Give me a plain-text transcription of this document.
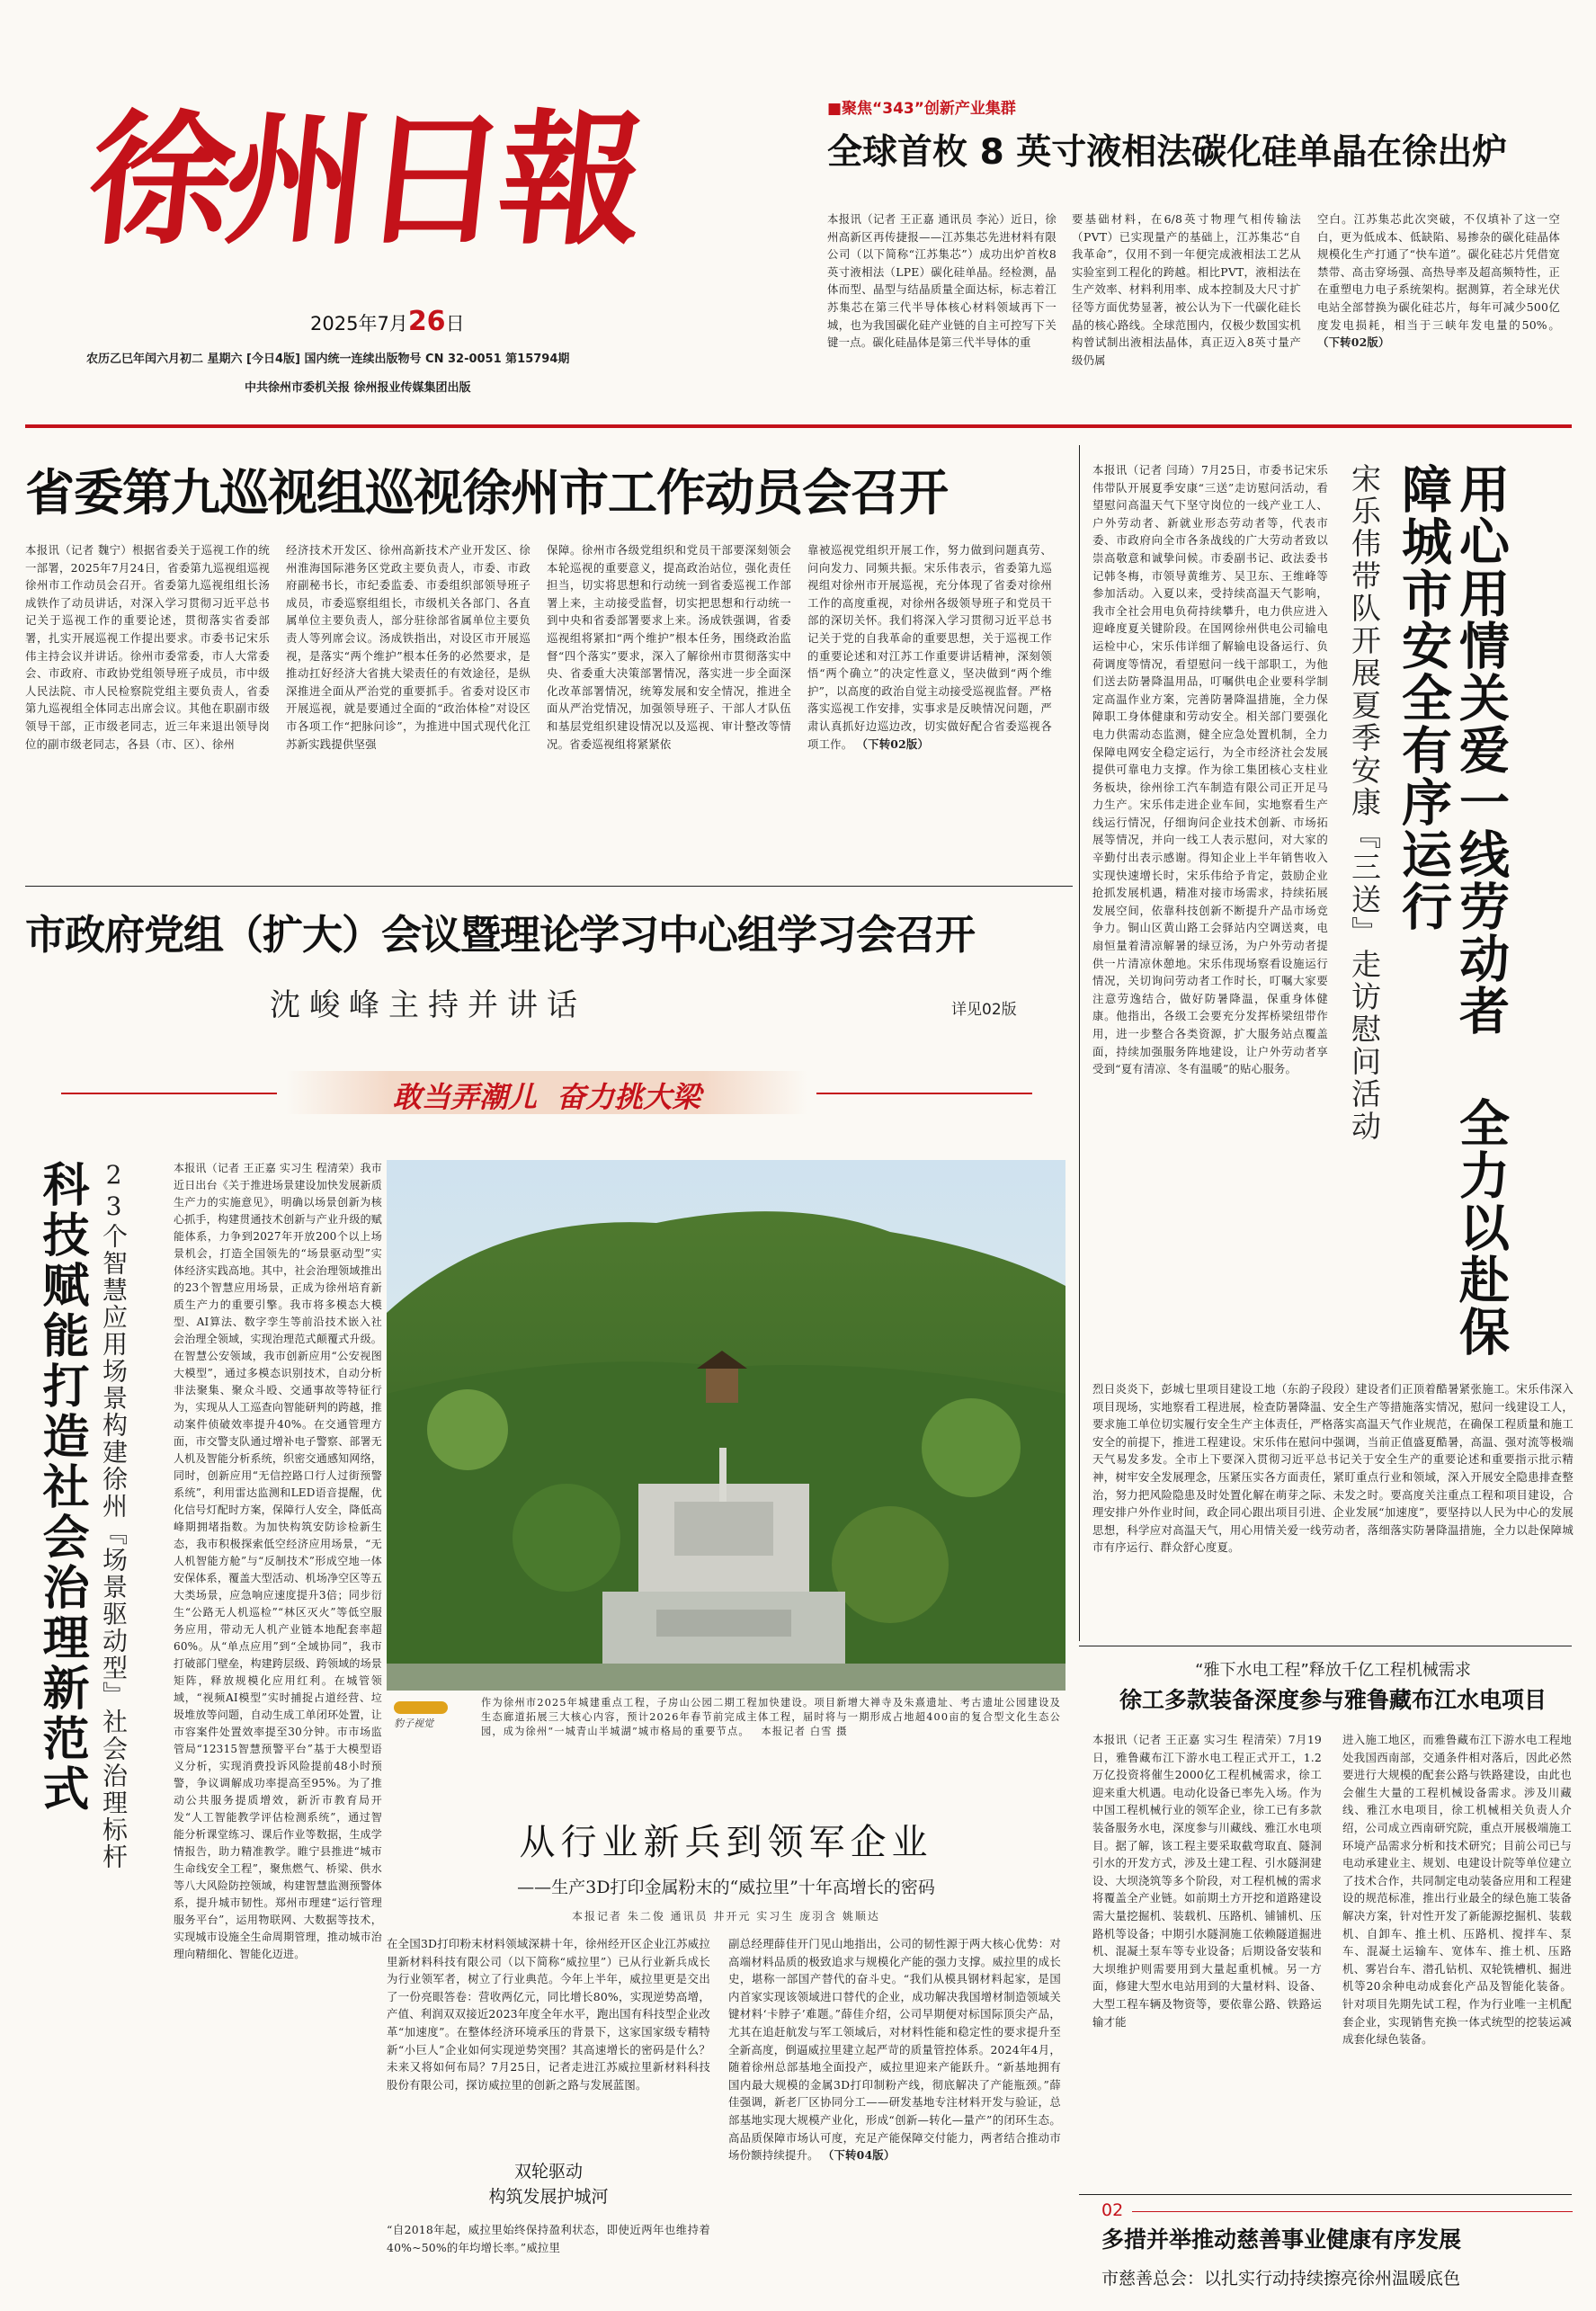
徐州日報
2025年7月26日
农历乙巳年闰六月初二 星期六 [今日4版] 国内统一连续出版物号 CN 32-0051 第15794期
中共徐州市委机关报 徐州报业传媒集团出版
■聚焦“343”创新产业集群
全球首枚 8 英寸液相法碳化硅单晶在徐出炉
本报讯（记者 王正嘉 通讯员 李沁）近日，徐州高新区再传捷报——江苏集芯先进材料有限公司（以下简称“江苏集芯”）成功出炉首枚8英寸液相法（LPE）碳化硅单晶。经检测，晶体而型、晶型与结晶质量全面达标，标志着江苏集芯在第三代半导体核心材料领域再下一城，也为我国碳化硅产业链的自主可控写下关键一点。碳化硅晶体是第三代半导体的重
要基础材料，在6/8英寸物理气相传输法（PVT）已实现量产的基础上，江苏集芯“自我革命”，仅用不到一年便完成液相法工艺从实验室到工程化的跨越。相比PVT，液相法在生产效率、材料利用率、成本控制及大尺寸扩径等方面优势显著，被公认为下一代碳化硅长晶的核心路线。全球范围内，仅极少数国实机构曾试制出液相法晶体，真正迈入8英寸量产级仍属
空白。江苏集芯此次突破，不仅填补了这一空白，更为低成本、低缺陷、易掺杂的碳化硅晶体规模化生产打通了“快车道”。碳化硅芯片凭借宽禁带、高击穿场强、高热导率及超高频特性，正在重塑电力电子系统架构。据测算，若全球光伏电站全部替换为碳化硅芯片，每年可减少500亿度发电损耗，相当于三峡年发电量的50%。 （下转02版）
省委第九巡视组巡视徐州市工作动员会召开
本报讯（记者 魏宁）根据省委关于巡视工作的统一部署，2025年7月24日，省委第九巡视组巡视徐州市工作动员会召开。省委第九巡视组组长汤成铁作了动员讲话，对深入学习贯彻习近平总书记关于巡视工作的重要论述，贯彻落实省委部署，扎实开展巡视工作提出要求。市委书记宋乐伟主持会议并讲话。徐州市委常委，市人大常委会、市政府、市政协党组领导班子成员，市中级人民法院、市人民检察院党组主要负责人，省委第九巡视组全体同志出席会议。其他在职副市级领导干部，正市级老同志，近三年来退出领导岗位的副市级老同志，各县（市、区）、徐州
经济技术开发区、徐州高新技术产业开发区、徐州淮海国际港务区党政主要负责人，市委、市政府副秘书长，市纪委监委、市委组织部领导班子成员，市委巡察组组长，市级机关各部门、各直属单位主要负责人，部分驻徐部省属单位主要负责人等列席会议。汤成铁指出，对设区市开展巡视，是落实“两个维护”根本任务的必然要求，是推动扛好经济大省挑大梁责任的有效途径，是纵深推进全面从严治党的重要抓手。省委对设区市开展巡视，就是要通过全面的“政治体检”对设区市各项工作“把脉问诊”，为推进中国式现代化江苏新实践提供坚强
保障。徐州市各级党组织和党员干部要深刻领会本轮巡视的重要意义，提高政治站位，强化责任担当，切实将思想和行动统一到省委巡视工作部署上来，主动接受监督，切实把思想和行动统一到中央和省委部署要求上来。汤成铁强调，省委巡视组将紧扣“两个维护”根本任务，围绕政治监督“四个落实”要求，深入了解徐州市贯彻落实中央、省委重大决策部署情况，落实进一步全面深化改革部署情况，统筹发展和安全情况，推进全面从严治党情况，加强领导班子、干部人才队伍和基层党组织建设情况以及巡视、审计整改等情况。省委巡视组将紧紧依
靠被巡视党组织开展工作，努力做到问题真劳、问向发力、同频共振。宋乐伟表示，省委第九巡视组对徐州市开展巡视，充分体现了省委对徐州工作的高度重视，对徐州各级领导班子和党员干部的深切关怀。我们将深入学习贯彻习近平总书记关于党的自我革命的重要思想，关于巡视工作的重要论述和对江苏工作重要讲话精神，深刻领悟“两个确立”的决定性意义，坚决做到“两个维护”，以高度的政治自觉主动接受巡视监督。严格落实巡视工作安排，实事求是反映情况问题，严肃认真抓好边巡边改，切实做好配合省委巡视各项工作。 （下转02版）
市政府党组（扩大）会议暨理论学习中心组学习会召开
沈峻峰主持并讲话	详见02版
敢当弄潮儿  奋力挑大梁
科技赋能打造社会治理新范式 23个智慧应用场景构建徐州『场景驱动型』社会治理标杆	本报讯（记者 王正嘉 实习生 程清荣）我市近日出台《关于推进场景建设加快发展新质生产力的实施意见》，明确以场景创新为核心抓手，构建贯通技术创新与产业升级的赋能体系，力争到2027年开放200个以上场景机会，打造全国领先的“场景驱动型”实体经济实践高地。其中，社会治理领域推出的23个智慧应用场景，正成为徐州培育新质生产力的重要引擎。我市将多模态大模型、AI算法、数字孪生等前沿技术嵌入社会治理全领域，实现治理范式颠覆式升级。在智慧公安领域，我市创新应用“公安视图大模型”，通过多模态识别技术，自动分析非法聚集、聚众斗殴、交通事故等特征行为，实现从人工巡查向智能研判的跨越，推动案件侦破效率提升40%。在交通管理方面，市交警支队通过增补电子警察、部署无人机及智能分析系统，织密交通感知网络，同时，创新应用“无信控路口行人过街预警系统”，利用雷达监测和LED语音提醒，优化信号灯配时方案，保障行人安全，降低高峰期拥堵指数。为加快构筑安防诊检新生态，我市积极探索低空经济应用场景，“无人机智能方舱”与“反制技术”形成空地一体安保体系，覆盖大型活动、机场净空区等五大类场景，应急响应速度提升3倍；同步衍生“公路无人机巡检”“林区灭火”等低空服务应用，带动无人机产业链本地配套率超60%。从“单点应用”到“全域协同”，我市打破部门壁垒，构建跨层级、跨领域的场景矩阵，释放规模化应用红利。在城管领域，“视频AI模型”实时捕捉占道经营、垃圾堆放等问题，自动生成工单闭环处置，让市容案件处置效率提至30分钟。市市场监管局“12315智慧预警平台”基于大模型语义分析，实现消费投诉风险提前48小时预警，争议调解成功率提高至95%。为了推动公共服务提质增效，新沂市教育局开发“人工智能教学评估检测系统”，通过智能分析课堂练习、课后作业等数据，生成学情报告，助力精准教学。睢宁县推进“城市生命线安全工程”，聚焦燃气、桥梁、供水等八大风险防控领域，构建智慧监测预警体系，提升城市韧性。郑州市理建“运行管理服务平台”，运用物联网、大数据等技术，实现城市设施全生命周期管理，推动城市治理向精细化、智能化迈进。
豹子视觉
作为徐州市2025年城建重点工程，子房山公园二期工程加快建设。项目新增大禅寺及朱熹遗址、考古遗址公园建设及生态廊道拓展三大核心内容，预计2026年春节前完成主体工程，届时将与一期形成占地超400亩的复合型文化生态公园，成为徐州“一城青山半城湖”城市格局的重要节点。 本报记者 白雪 摄
从行业新兵到领军企业
——生产3D打印金属粉末的“威拉里”十年高增长的密码
本报记者 朱二俊 通讯员 井开元 实习生 庞羽含 姚顺达
在全国3D打印粉末材料领域深耕十年，徐州经开区企业江苏威拉里新材料科技有限公司（以下简称“威拉里”）已从行业新兵成长为行业领军者，树立了行业典范。今年上半年，威拉里更是交出了一份亮眼答卷：营收两亿元，同比增长80%，实现逆势高增，产值、利润双双接近2023年度全年水平，跑出国有科技型企业改革“加速度”。在整体经济环境承压的背景下，这家国家级专精特新“小巨人”企业如何实现逆势突围？其高速增长的密码是什么？未来又将如何布局？7月25日，记者走进江苏威拉里新材料科技股份有限公司，探访威拉里的创新之路与发展蓝图。
双轮驱动
构筑发展护城河
“自2018年起，威拉里始终保持盈利状态，即使近两年也维持着40%~50%的年均增长率。”威拉里
副总经理薛佳开门见山地指出，公司的韧性源于两大核心优势：对高端材料品质的极致追求与规模化产能的强力支撑。威拉里的成长史，堪称一部国产替代的奋斗史。“我们从模具钢材料起家，是国内首家实现该领域进口替代的企业，成功解决我国增材制造领域关键材料‘卡脖子’难题。”薛佳介绍，公司早期便对标国际顶尖产品，尤其在追赶航发与军工领域后，对材料性能和稳定性的要求提升至全新高度，倒逼威拉里建立起严苛的质量管控体系。2024年4月，随着徐州总部基地全面投产，威拉里迎来产能跃升。“新基地拥有国内最大规模的金属3D打印制粉产线，彻底解决了产能瓶颈。”薛佳强调，新老厂区协同分工——研发基地专注材料开发与验证，总部基地实现大规模产业化，形成“创新—转化—量产”的闭环生态。高品质保障市场认可度，充足产能保障交付能力，两者结合推动市场份额持续提升。 （下转04版）
本报讯（记者 闫琦）7月25日，市委书记宋乐伟带队开展夏季安康“三送”走访慰问活动，看望慰问高温天气下坚守岗位的一线产业工人、户外劳动者、新就业形态劳动者等，代表市委、市政府向全市各条战线的广大劳动者致以崇高敬意和诚挚问候。市委副书记、政法委书记韩冬梅，市领导黄维芳、吴卫东、王维峰等参加活动。入夏以来，受持续高温天气影响，我市全社会用电负荷持续攀升，电力供应进入迎峰度夏关键阶段。在国网徐州供电公司输电运检中心，宋乐伟详细了解输电设备运行、负荷调度等情况，看望慰问一线干部职工，为他们送去防暑降温用品，叮嘱供电企业要科学制定高温作业方案，完善防暑降温措施，全力保障职工身体健康和劳动安全。相关部门要强化电力供需动态监测，健全应急处置机制，全力保障电网安全稳定运行，为全市经济社会发展提供可靠电力支撑。作为徐工集团核心支柱业务板块，徐州徐工汽车制造有限公司正开足马力生产。宋乐伟走进企业车间，实地察看生产线运行情况，仔细询问企业技术创新、市场拓展等情况，并向一线工人表示慰问，对大家的辛勤付出表示感谢。得知企业上半年销售收入实现快速增长时，宋乐伟给予肯定，鼓励企业抢抓发展机遇，精准对接市场需求，持续拓展发展空间，依靠科技创新不断提升产品市场竞争力。铜山区黄山路工会驿站内空调送爽，电扇恒量着清凉解暑的绿豆汤，为户外劳动者提供一片清凉休憩地。宋乐伟现场察看设施运行情况，关切询问劳动者工作时长，叮嘱大家要注意劳逸结合，做好防暑降温，保重身体健康。他指出，各级工会要充分发挥桥梁纽带作用，进一步整合各类资源，扩大服务站点覆盖面，持续加强服务阵地建设，让户外劳动者享受到“夏有清凉、冬有温暖”的贴心服务。	宋乐伟带队开展夏季安康『三送』走访慰问活动	用心用情关爱一线劳动者 全力以赴保障城市安全有序运行
烈日炎炎下，彭城七里项目建设工地（东韵子段段）建设者们正顶着酷暑紧张施工。宋乐伟深入项目现场，实地察看工程进展，检查防暑降温、安全生产等措施落实情况，慰问一线建设工人，要求施工单位切实履行安全生产主体责任，严格落实高温天气作业规范，在确保工程质量和施工安全的前提下，推进工程建设。宋乐伟在慰问中强调，当前正值盛夏酷暑，高温、强对流等极端天气易发多发。全市上下要深入贯彻习近平总书记关于安全生产的重要论述和重要指示批示精神，树牢安全发展理念，压紧压实各方面责任，紧盯重点行业和领域，深入开展安全隐患排查整治，努力把风险隐患及时处置化解在萌芽之际、未发之时。要高度关注重点工程和项目建设，合理安排户外作业时间，政企同心跟出项目引进、企业发展“加速度”，要坚持以人民为中心的发展思想，科学应对高温天气，用心用情关爱一线劳动者，落细落实防暑降温措施，全力以赴保障城市有序运行、群众舒心度夏。
“雅下水电工程”释放千亿工程机械需求
徐工多款装备深度参与雅鲁藏布江水电项目
本报讯（记者 王正嘉 实习生 程清荣）7月19日，雅鲁藏布江下游水电工程正式开工，1.2万亿投资将催生2000亿工程机械需求，徐工迎来重大机遇。电动化设备已率先入场。作为中国工程机械行业的领军企业，徐工已有多款装备服务水电，深度参与川藏线、雅江水电项目。据了解，该工程主要采取截弯取直、隧洞引水的开发方式，涉及土建工程、引水隧洞建设、大坝浇筑等多个阶段，对工程机械的需求将覆盖全产业链。如前期土方开挖和道路建设需大量挖掘机、装载机、压路机、铺铺机、压路机等设备；中期引水隧洞施工依赖隧道掘进机、混凝土泵车等专业设备；后期设备安装和大坝维护则需要用到大量起重机械。另一方面，修建大型水电站用到的大量材料、设备、大型工程车辆及物资等，要依靠公路、铁路运输才能
进入施工地区，而雅鲁藏布江下游水电工程地处我国西南部，交通条件相对落后，因此必然要进行大规模的配套公路与铁路建设，由此也会催生大量的工程机械设备需求。涉及川藏线、雅江水电项目，徐工机械相关负责人介绍，公司成立西南研究院，重点开展极端施工环境产品需求分析和技术研究；目前公司已与电动承建业主、规划、电建设计院等单位建立了技术合作，共同制定电动装备应用和工程建设的规范标准，推出行业最全的绿色施工装备解决方案，针对性开发了新能源挖掘机、装载机、自卸车、推土机、压路机、搅拌车、泵车、混凝土运输车、宽体车、推土机、压路机、雾岩台车、潜孔钻机、双轮铣槽机、掘进机等20余种电动成套化产品及智能化装备。针对项目先期先试工程，作为行业唯一主机配套企业，实现销售充换一体式统型的挖装运减成套化绿色装备。
02
多措并举推动慈善事业健康有序发展
市慈善总会：以扎实行动持续擦亮徐州温暖底色
